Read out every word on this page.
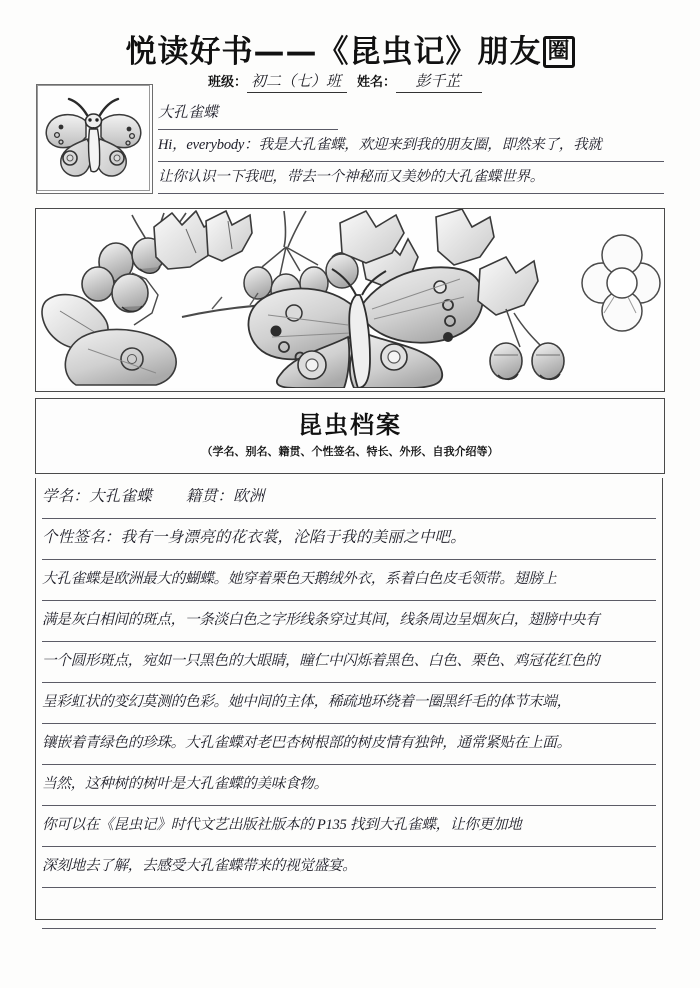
悦读好书——《昆虫记》朋友 圈
班级： 初二（七）班 姓名： 彭千芷
大孔雀蝶
Hi，everybody：我是大孔雀蝶，欢迎来到我的朋友圈，即然来了，我就
让你认识一下我吧，带去一个神秘而又美妙的大孔雀蝶世界。
昆虫档案
（学名、别名、籍贯、个性签名、特长、外形、自我介绍等）
学名：大孔雀蝶 籍贯：欧洲
个性签名：我有一身漂亮的花衣裳，沦陷于我的美丽之中吧。
大孔雀蝶是欧洲最大的蝴蝶。她穿着栗色天鹅绒外衣，系着白色皮毛领带。翅膀上
满是灰白相间的斑点，一条淡白色之字形线条穿过其间，线条周边呈烟灰白，翅膀中央有
一个圆形斑点，宛如一只黑色的大眼睛，瞳仁中闪烁着黑色、白色、栗色、鸡冠花红色的
呈彩虹状的变幻莫测的色彩。她中间的主体，稀疏地环绕着一圈黑纤毛的体节末端，
镶嵌着青绿色的珍珠。大孔雀蝶对老巴杏树根部的树皮情有独钟，通常紧贴在上面。
当然，这种树的树叶是大孔雀蝶的美味食物。
你可以在《昆虫记》时代文艺出版社版本的 P135 找到大孔雀蝶，让你更加地
深刻地去了解，去感受大孔雀蝶带来的视觉盛宴。
